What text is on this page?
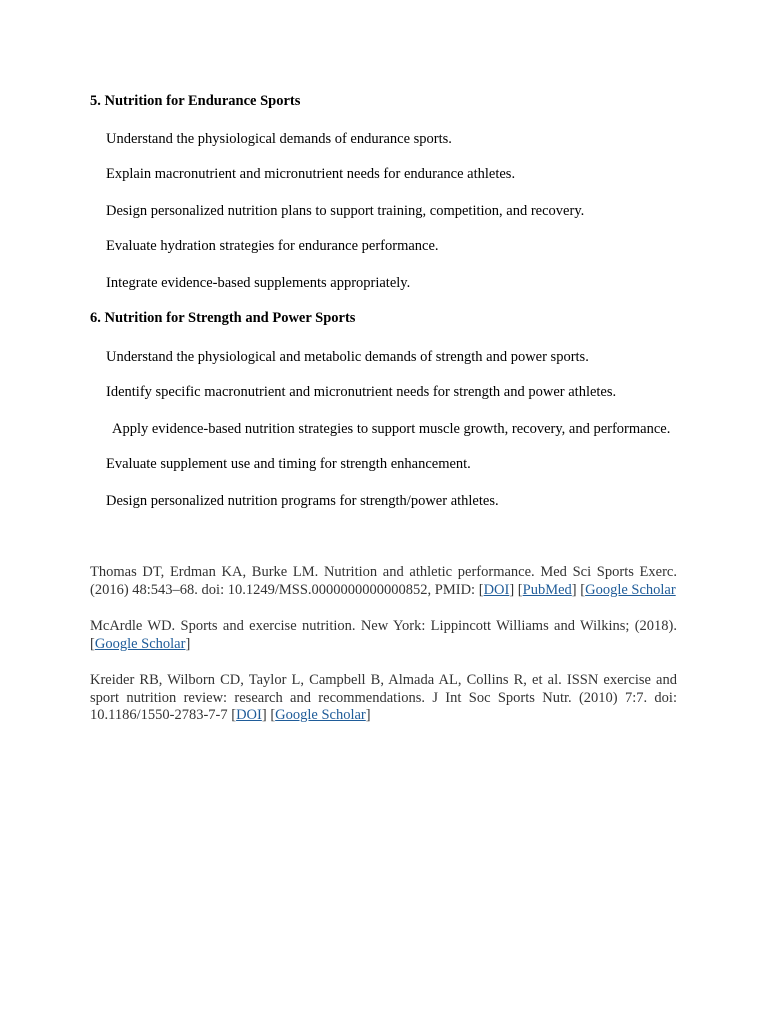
5. Nutrition for Endurance Sports

Understand the physiological demands of endurance sports.

Explain macronutrient and micronutrient needs for endurance athletes.

Design personalized nutrition plans to support training, competition, and recovery.

Evaluate hydration strategies for endurance performance.

Integrate evidence-based supplements appropriately.

6. Nutrition for Strength and Power Sports

Understand the physiological and metabolic demands of strength and power sports.

Identify specific macronutrient and micronutrient needs for strength and power athletes.

Apply evidence-based nutrition strategies to support muscle growth, recovery, and performance.

Evaluate supplement use and timing for strength enhancement.

Design personalized nutrition programs for strength/power athletes.

Thomas DT, Erdman KA, Burke LM. Nutrition and athletic performance. Med Sci Sports Exerc. (2016) 48:543–68. doi: 10.1249/MSS.0000000000000852, PMID: [DOI] [PubMed] [Google Scholar

McArdle WD. Sports and exercise nutrition. New York: Lippincott Williams and Wilkins; (2018). [Google Scholar]

Kreider RB, Wilborn CD, Taylor L, Campbell B, Almada AL, Collins R, et al. ISSN exercise and sport nutrition review: research and recommendations. J Int Soc Sports Nutr. (2010) 7:7. doi: 10.1186/1550-2783-7-7 [DOI] [Google Scholar]
